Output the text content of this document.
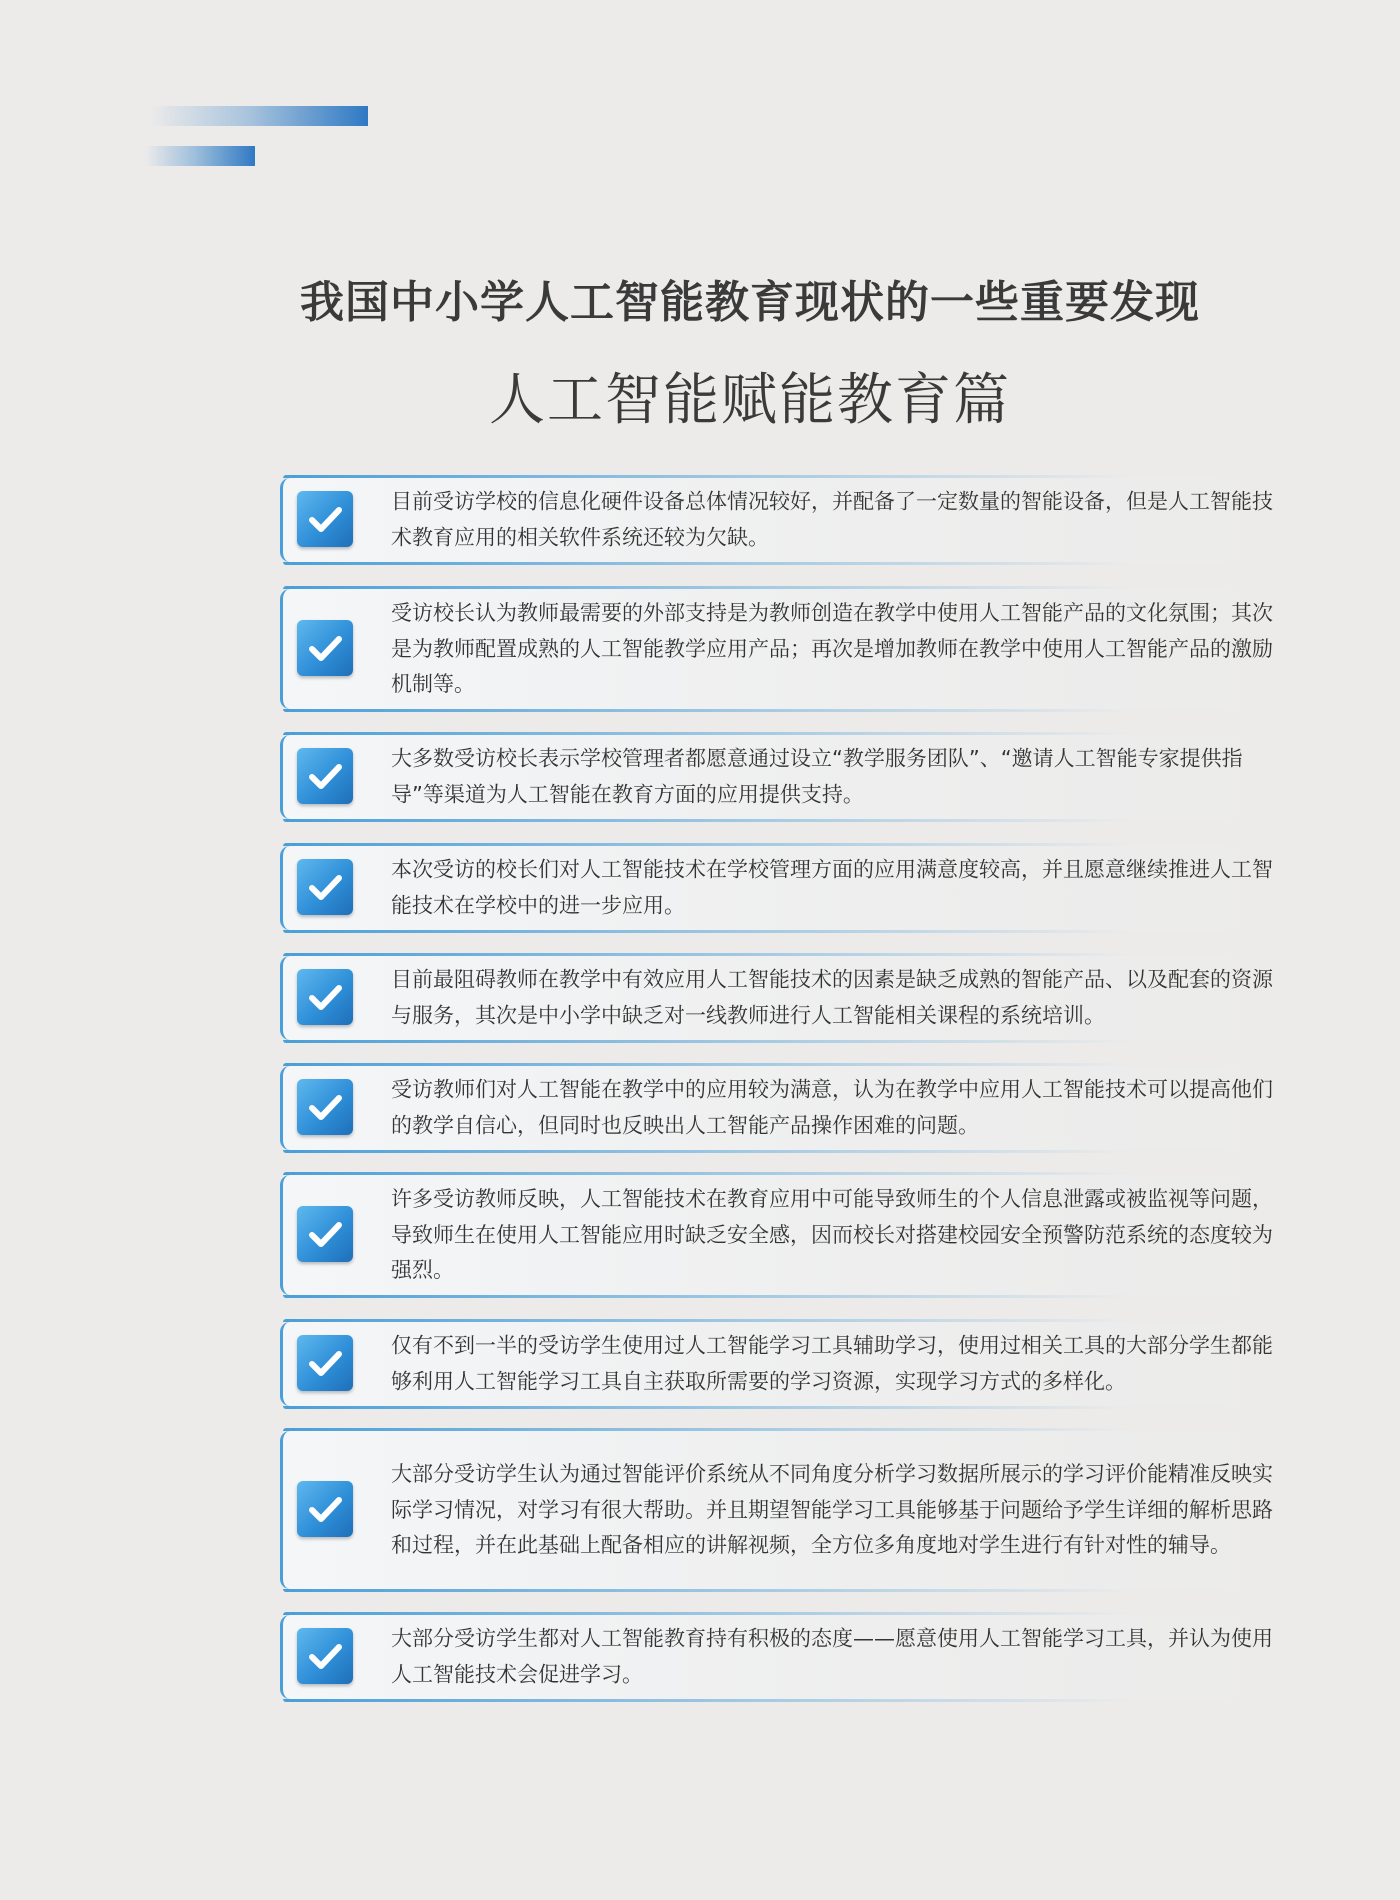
我国中小学人工智能教育现状的一些重要发现
人工智能赋能教育篇
目前受访学校的信息化硬件设备总体情况较好，并配备了一定数量的智能设备，但是人工智能技术教育应用的相关软件系统还较为欠缺。
受访校长认为教师最需要的外部支持是为教师创造在教学中使用人工智能产品的文化氛围；其次是为教师配置成熟的人工智能教学应用产品；再次是增加教师在教学中使用人工智能产品的激励机制等。
大多数受访校长表示学校管理者都愿意通过设立“教学服务团队”、“邀请人工智能专家提供指导”等渠道为人工智能在教育方面的应用提供支持。
本次受访的校长们对人工智能技术在学校管理方面的应用满意度较高，并且愿意继续推进人工智能技术在学校中的进一步应用。
目前最阻碍教师在教学中有效应用人工智能技术的因素是缺乏成熟的智能产品、以及配套的资源与服务，其次是中小学中缺乏对一线教师进行人工智能相关课程的系统培训。
受访教师们对人工智能在教学中的应用较为满意，认为在教学中应用人工智能技术可以提高他们的教学自信心，但同时也反映出人工智能产品操作困难的问题。
许多受访教师反映，人工智能技术在教育应用中可能导致师生的个人信息泄露或被监视等问题，导致师生在使用人工智能应用时缺乏安全感，因而校长对搭建校园安全预警防范系统的态度较为强烈。
仅有不到一半的受访学生使用过人工智能学习工具辅助学习，使用过相关工具的大部分学生都能够利用人工智能学习工具自主获取所需要的学习资源，实现学习方式的多样化。
大部分受访学生认为通过智能评价系统从不同角度分析学习数据所展示的学习评价能精准反映实际学习情况，对学习有很大帮助。并且期望智能学习工具能够基于问题给予学生详细的解析思路和过程，并在此基础上配备相应的讲解视频，全方位多角度地对学生进行有针对性的辅导。
大部分受访学生都对人工智能教育持有积极的态度——愿意使用人工智能学习工具，并认为使用人工智能技术会促进学习。
